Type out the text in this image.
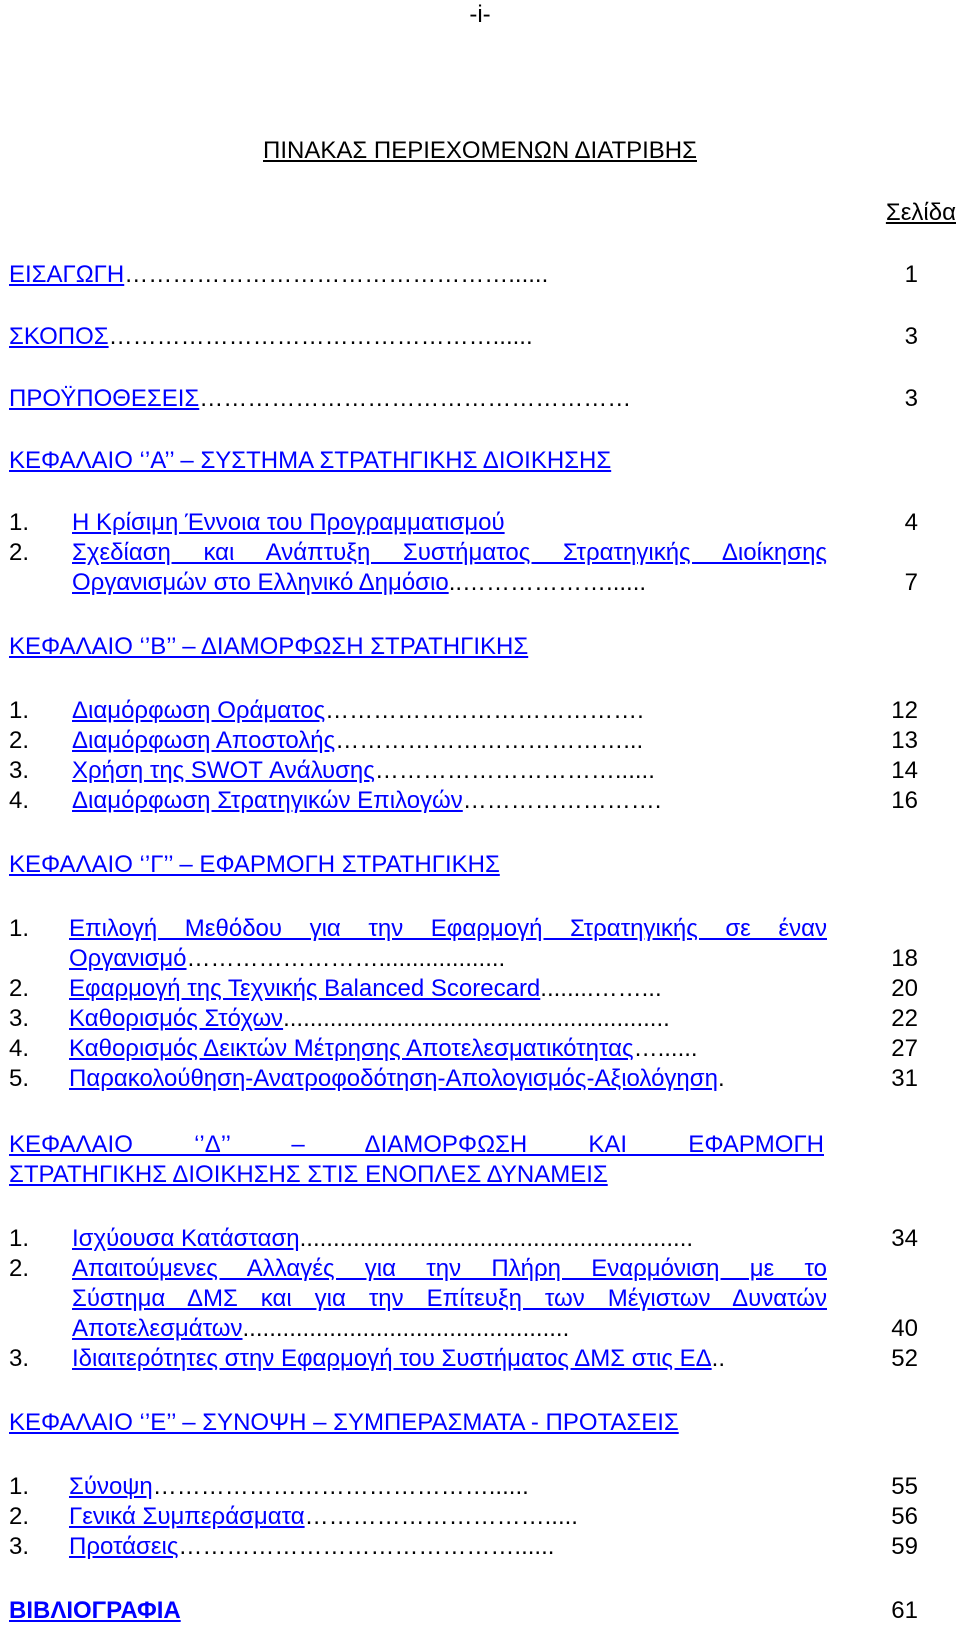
-i-
ΠΙΝΑΚΑΣ ΠΕΡΙΕΧΟΜΕΝΩΝ ΔΙΑΤΡΙΒΗΣ
Σελίδα
ΕΙΣΑΓΩΓΗ…………………………………………......	1
ΣΚΟΠΟΣ…………………………………………......	3
ΠΡΟΫΠΟΘΕΣΕΙΣ………………………………………………	3
ΚΕΦΑΛΑΙΟ ‘’Α’’ – ΣΥΣΤΗΜΑ ΣΤΡΑΤΗΓΙΚΗΣ ΔΙΟΙΚΗΣΗΣ
1. Η Κρίσιμη Έννοια του Προγραμματισμού	4
2. Σχεδίαση και Ανάπτυξη Συστήματος Στρατηγικής Διοίκησης
Οργανισμών στο Ελληνικό Δημόσιο..………………......	7
ΚΕΦΑΛΑΙΟ ‘’Β’’ – ΔΙΑΜΟΡΦΩΣΗ ΣΤΡΑΤΗΓΙΚΗΣ
1. Διαμόρφωση Οράματος………………………………….	12
2. Διαμόρφωση Αποστολής………………………………...	13
3. Χρήση της SWOT Ανάλυσης…………………………......	14
4. Διαμόρφωση Στρατηγικών Επιλογών…………………….	16
ΚΕΦΑΛΑΙΟ ‘’Γ’’ – ΕΦΑΡΜΟΓΗ ΣΤΡΑΤΗΓΙΚΗΣ
1. Επιλογή Μεθόδου για την Εφαρμογή Στρατηγικής σε έναν
Οργανισμό……………………...................	18
2. Εφαρμογή της Τεχνικής Balanced Scorecard........……...	20
3. Καθορισμός Στόχων..........................................................	22
4. Καθορισμός Δεικτών Μέτρησης Αποτελεσματικότητας…......	27
5. Παρακολούθηση-Ανατροφοδότηση-Απολογισμός-Αξιολόγηση.	31
ΚΕΦΑΛΑΙΟ ‘’Δ’’ – ΔΙΑΜΟΡΦΩΣΗ ΚΑΙ ΕΦΑΡΜΟΓΗ
ΣΤΡΑΤΗΓΙΚΗΣ ΔΙΟΙΚΗΣΗΣ ΣΤΙΣ ΕΝΟΠΛΕΣ ΔΥΝΑΜΕΙΣ
1. Ισχύουσα Κατάσταση...........................................................	34
2. Απαιτούμενες Αλλαγές για την Πλήρη Εναρμόνιση με το
Σύστημα ΔΜΣ και για την Επίτευξη των Μέγιστων Δυνατών
Αποτελεσμάτων.................................................	40
3. Ιδιαιτερότητες στην Εφαρμογή του Συστήματος ΔΜΣ στις ΕΔ..	52
ΚΕΦΑΛΑΙΟ ‘’Ε’’ – ΣΥΝΟΨΗ – ΣΥΜΠΕΡΑΣΜΑΤΑ - ΠΡΟΤΑΣΕΙΣ
1. Σύνοψη……………………………………......	55
2. Γενικά Συμπεράσματα………………………….....	56
3. Προτάσεις……………………………………......	59
ΒΙΒΛΙΟΓΡΑΦΙΑ	61
